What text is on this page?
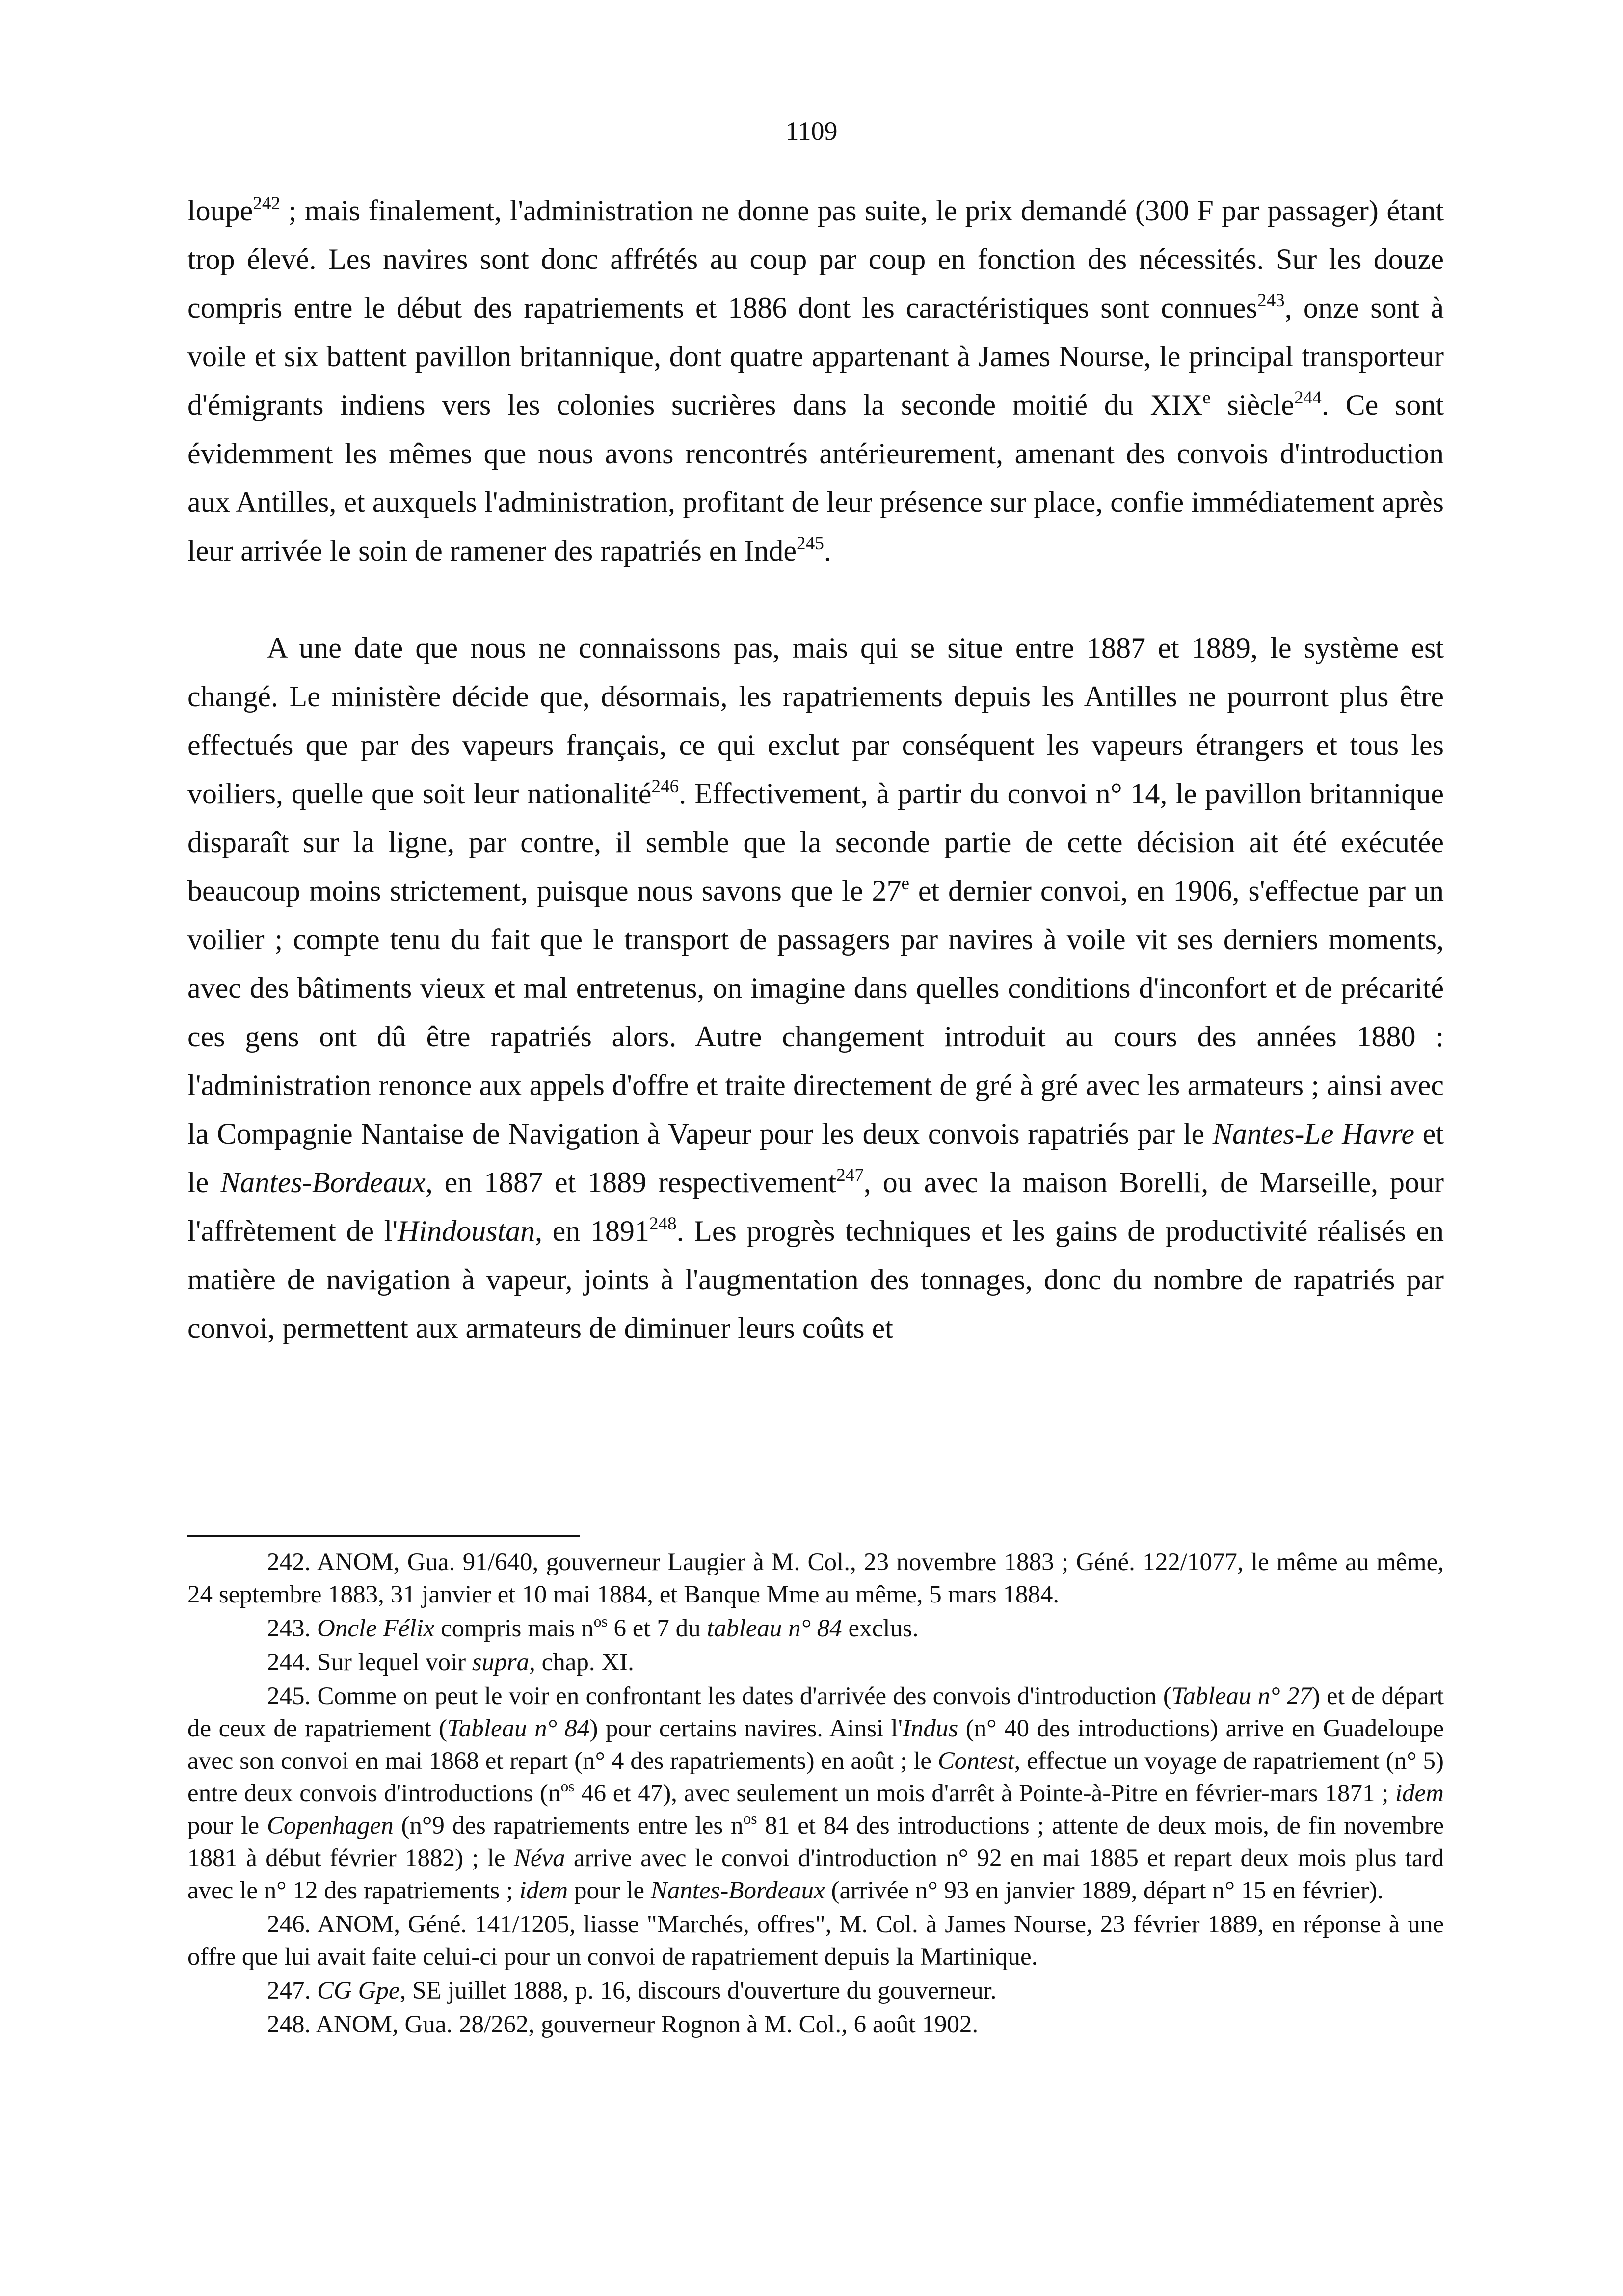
1109

loupe$^{242}$ ; mais finalement, l'administration ne donne pas suite, le prix demandé (300 F par passager) étant trop élevé. Les navires sont donc affrétés au coup par coup en fonction des nécessités. Sur les douze compris entre le début des rapatriements et 1886 dont les caractéristiques sont connues$^{243}$, onze sont à voile et six battent pavillon britannique, dont quatre appartenant à James Nourse, le principal transporteur d'émigrants indiens vers les colonies sucrières dans la seconde moitié du XIXe siècle$^{244}$. Ce sont évidemment les mêmes que nous avons rencontrés antérieurement, amenant des convois d'introduction aux Antilles, et auxquels l'administration, profitant de leur présence sur place, confie immédiatement après leur arrivée le soin de ramener des rapatriés en Inde$^{245}$.

A une date que nous ne connaissons pas, mais qui se situe entre 1887 et 1889, le système est changé. Le ministère décide que, désormais, les rapatriements depuis les Antilles ne pourront plus être effectués que par des vapeurs français, ce qui exclut par conséquent les vapeurs étrangers et tous les voiliers, quelle que soit leur nationalité$^{246}$. Effectivement, à partir du convoi n° 14, le pavillon britannique disparaît sur la ligne, par contre, il semble que la seconde partie de cette décision ait été exécutée beaucoup moins strictement, puisque nous savons que le 27e et dernier convoi, en 1906, s'effectue par un voilier ; compte tenu du fait que le transport de passagers par navires à voile vit ses derniers moments, avec des bâtiments vieux et mal entretenus, on imagine dans quelles conditions d'inconfort et de précarité ces gens ont dû être rapatriés alors. Autre changement introduit au cours des années 1880 : l'administration renonce aux appels d'offre et traite directement de gré à gré avec les armateurs ; ainsi avec la Compagnie Nantaise de Navigation à Vapeur pour les deux convois rapatriés par le Nantes-Le Havre et le Nantes-Bordeaux, en 1887 et 1889 respectivement$^{247}$, ou avec la maison Borelli, de Marseille, pour l'affrètement de l'Hindoustan, en 1891$^{248}$. Les progrès techniques et les gains de productivité réalisés en matière de navigation à vapeur, joints à l'augmentation des tonnages, donc du nombre de rapatriés par convoi, permettent aux armateurs de diminuer leurs coûts et

242. ANOM, Gua. 91/640, gouverneur Laugier à M. Col., 23 novembre 1883 ; Géné. 122/1077, le même au même, 24 septembre 1883, 31 janvier et 10 mai 1884, et Banque Mme au même, 5 mars 1884.

243. Oncle Félix compris mais $n^{os}$ 6 et 7 du tableau n° 84 exclus.

244. Sur lequel voir supra, chap. XI.

245. Comme on peut le voir en confrontant les dates d'arrivée des convois d'introduction (Tableau n° 27) et de départ de ceux de rapatriement (Tableau n° 84) pour certains navires. Ainsi l'Indus (n° 40 des introductions) arrive en Guadeloupe avec son convoi en mai 1868 et repart (n° 4 des rapatriements) en août ; le Contest, effectue un voyage de rapatriement (n° 5) entre deux convois d'introductions ($n^{os}$ 46 et 47), avec seulement un mois d'arrêt à Pointe-à-Pitre en février-mars 1871 ; idem pour le Copenhagen (n°9 des rapatriements entre les $n^{os}$ 81 et 84 des introductions ; attente de deux mois, de fin novembre 1881 à début février 1882) ; le Néva arrive avec le convoi d'introduction n° 92 en mai 1885 et repart deux mois plus tard avec le n° 12 des rapatriements ; idem pour le Nantes-Bordeaux (arrivée n° 93 en janvier 1889, départ n° 15 en février).

246. ANOM, Géné. 141/1205, liasse "Marchés, offres", M. Col. à James Nourse, 23 février 1889, en réponse à une offre que lui avait faite celui-ci pour un convoi de rapatriement depuis la Martinique.

247. CG Gpe, SE juillet 1888, p. 16, discours d'ouverture du gouverneur.

248. ANOM, Gua. 28/262, gouverneur Rognon à M. Col., 6 août 1902.
